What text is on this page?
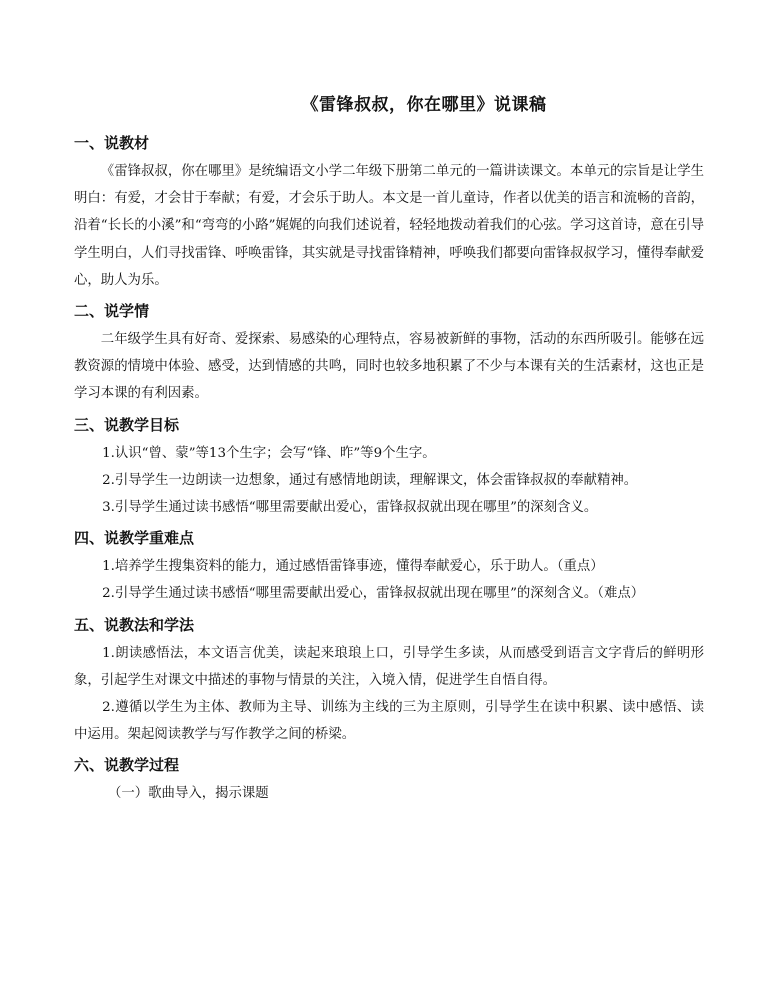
《雷锋叔叔，你在哪里》说课稿
一、说教材

《雷锋叔叔，你在哪里》是统编语文小学二年级下册第二单元的一篇讲读课文。本单元的宗旨是让学生明白：有爱，才会甘于奉献；有爱，才会乐于助人。本文是一首儿童诗，作者以优美的语言和流畅的音韵，沿着“长长的小溪”和“弯弯的小路”娓娓的向我们述说着，轻轻地拨动着我们的心弦。学习这首诗，意在引导学生明白，人们寻找雷锋、呼唤雷锋，其实就是寻找雷锋精神，呼唤我们都要向雷锋叔叔学习，懂得奉献爱心，助人为乐。

二、说学情

二年级学生具有好奇、爱探索、易感染的心理特点，容易被新鲜的事物，活动的东西所吸引。能够在远教资源的情境中体验、感受，达到情感的共鸣，同时也较多地积累了不少与本课有关的生活素材，这也正是学习本课的有利因素。

三、说教学目标

1.认识“曾、蒙”等13个生字；会写“锋、昨”等9个生字。

2.引导学生一边朗读一边想象，通过有感情地朗读，理解课文，体会雷锋叔叔的奉献精神。

3.引导学生通过读书感悟“哪里需要献出爱心，雷锋叔叔就出现在哪里”的深刻含义。

四、说教学重难点

1.培养学生搜集资料的能力，通过感悟雷锋事迹，懂得奉献爱心，乐于助人。（重点）

2.引导学生通过读书感悟“哪里需要献出爱心，雷锋叔叔就出现在哪里”的深刻含义。（难点）

五、说教法和学法

1.朗读感悟法，本文语言优美，读起来琅琅上口，引导学生多读，从而感受到语言文字背后的鲜明形象，引起学生对课文中描述的事物与情景的关注，入境入情，促进学生自悟自得。

2.遵循以学生为主体、教师为主导、训练为主线的三为主原则，引导学生在读中积累、读中感悟、读中运用。架起阅读教学与写作教学之间的桥梁。

六、说教学过程
（一）歌曲导入，揭示课题
